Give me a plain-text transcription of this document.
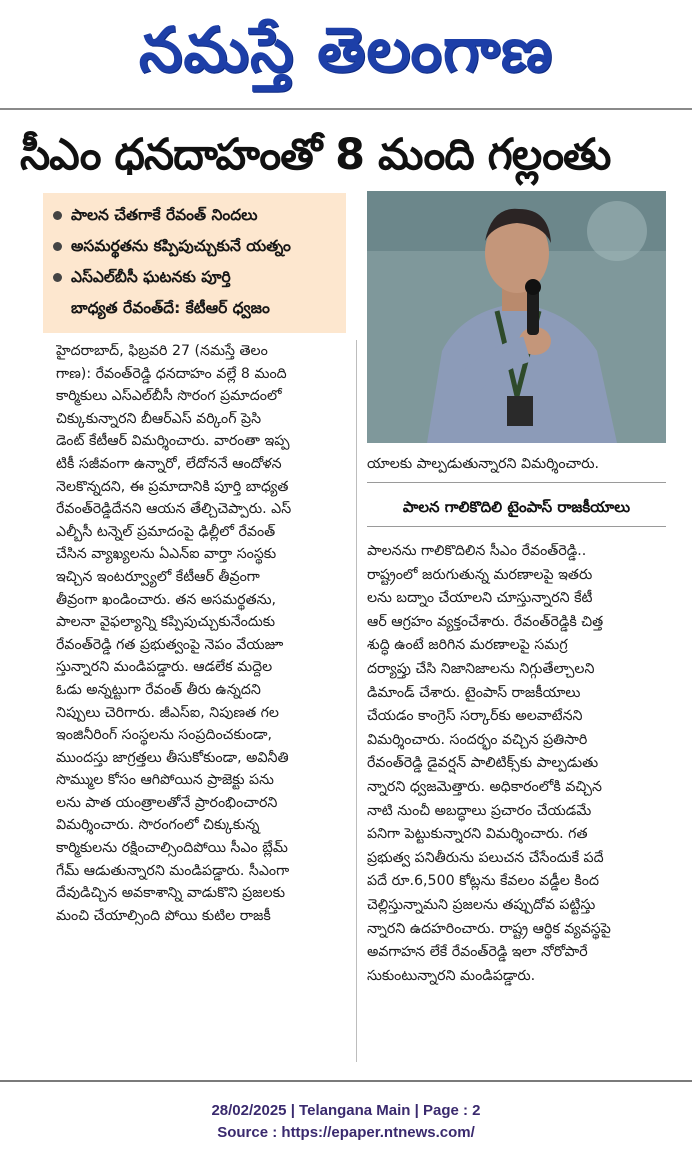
నమస్తే తెలంగాణ
సీఎం ధనదాహంతో 8 మంది గల్లంతు
పాలన చేతగాకే రేవంత్ నిందలు
అసమర్థతను కప్పిపుచ్చుకునే యత్నం
ఎస్ఎల్‌బీసీ ఘటనకు పూర్తి
బాధ్యత రేవంత్‌దే: కేటీఆర్ ధ్వజం

హైదరాబాద్, ఫిబ్రవరి 27 (నమస్తే తెలం

గాణ): రేవంత్‌రెడ్డి ధనదాహం వల్లే 8 మంది

కార్మికులు ఎస్ఎల్‌బీసీ సొరంగ ప్రమాదంలో

చిక్కుకున్నారని బీఆర్ఎస్ వర్కింగ్ ప్రెసి

డెంట్ కేటీఆర్ విమర్శించారు. వారంతా ఇప్ప

టికీ సజీవంగా ఉన్నారో, లేదోననే ఆందోళన

నెలకొన్నదని, ఈ ప్రమాదానికి పూర్తి బాధ్యత

రేవంత్‌రెడ్డిదేనని ఆయన తేల్చిచెప్పారు. ఎస్

ఎల్బీసీ టన్నెల్ ప్రమాదంపై ఢిల్లీలో రేవంత్

చేసిన వ్యాఖ్యలను ఏఎన్ఐ వార్తా సంస్థకు

ఇచ్చిన ఇంటర్వ్యూలో కేటీఆర్ తీవ్రంగా

తీవ్రంగా ఖండించారు. తన అసమర్థతను,

పాలనా వైఫల్యాన్ని కప్పిపుచ్చుకునేందుకు

రేవంత్‌రెడ్డి గత ప్రభుత్వంపై నెపం వేయజూ

స్తున్నారని మండిపడ్డారు. ఆడలేక మద్దెల

ఓడు అన్నట్టుగా రేవంత్ తీరు ఉన్నదని

నిప్పులు చెరిగారు. జీఎస్ఐ, నిపుణత గల

ఇంజినీరింగ్ సంస్థలను సంప్రదించకుండా,

ముందస్తు జాగ్రత్తలు తీసుకోకుండా, అవినీతి

సొమ్ముల కోసం ఆగిపోయిన ప్రాజెక్టు పను

లను పాత యంత్రాలతోనే ప్రారంభించారని

విమర్శించారు. సొరంగంలో చిక్కుకున్న

కార్మికులను రక్షించాల్సిందిపోయి సీఎం బ్లేమ్

గేమ్ ఆడుతున్నారని మండిపడ్డారు. సీఎంగా

దేవుడిచ్చిన అవకాశాన్ని వాడుకొని ప్రజలకు

మంచి చేయాల్సింది పోయి కుటిల రాజకీ

యాలకు పాల్పడుతున్నారని విమర్శించారు.
పాలన గాలికొదిలి టైంపాస్ రాజకీయాలు

పాలనను గాలికొదిలిన సీఎం రేవంత్‌రెడ్డి..

రాష్ట్రంలో జరుగుతున్న మరణాలపై ఇతరు

లను బద్నాం చేయాలని చూస్తున్నారని కేటీ

ఆర్ ఆగ్రహం వ్యక్తంచేశారు. రేవంత్‌రెడ్డికి చిత్త

శుద్ధి ఉంటే జరిగిన మరణాలపై సమగ్ర

దర్యాప్తు చేసి నిజానిజాలను నిగ్గుతేల్చాలని

డిమాండ్ చేశారు. టైంపాస్ రాజకీయాలు

చేయడం కాంగ్రెస్ సర్కార్‌కు అలవాటేనని

విమర్శించారు. సందర్భం వచ్చిన ప్రతిసారి

రేవంత్‌రెడ్డి డైవర్షన్ పాలిటిక్స్‌కు పాల్పడుతు

న్నారని ధ్వజమెత్తారు. అధికారంలోకి వచ్చిన

నాటి నుంచీ అబద్ధాలు ప్రచారం చేయడమే

పనిగా పెట్టుకున్నారని విమర్శించారు. గత

ప్రభుత్వ పనితీరును పలుచన చేసేందుకే పదే

పదే రూ.6,500 కోట్లను కేవలం వడ్డీల కింద

చెల్లిస్తున్నామని ప్రజలను తప్పుదోవ పట్టిస్తు

న్నారని ఉదహరించారు. రాష్ట్ర ఆర్థిక వ్యవస్థపై

అవగాహన లేకే రేవంత్‌రెడ్డి ఇలా నోరోపారే

సుకుంటున్నారని మండిపడ్డారు.

28/02/2025 | Telangana Main | Page : 2
Source : https://epaper.ntnews.com/
